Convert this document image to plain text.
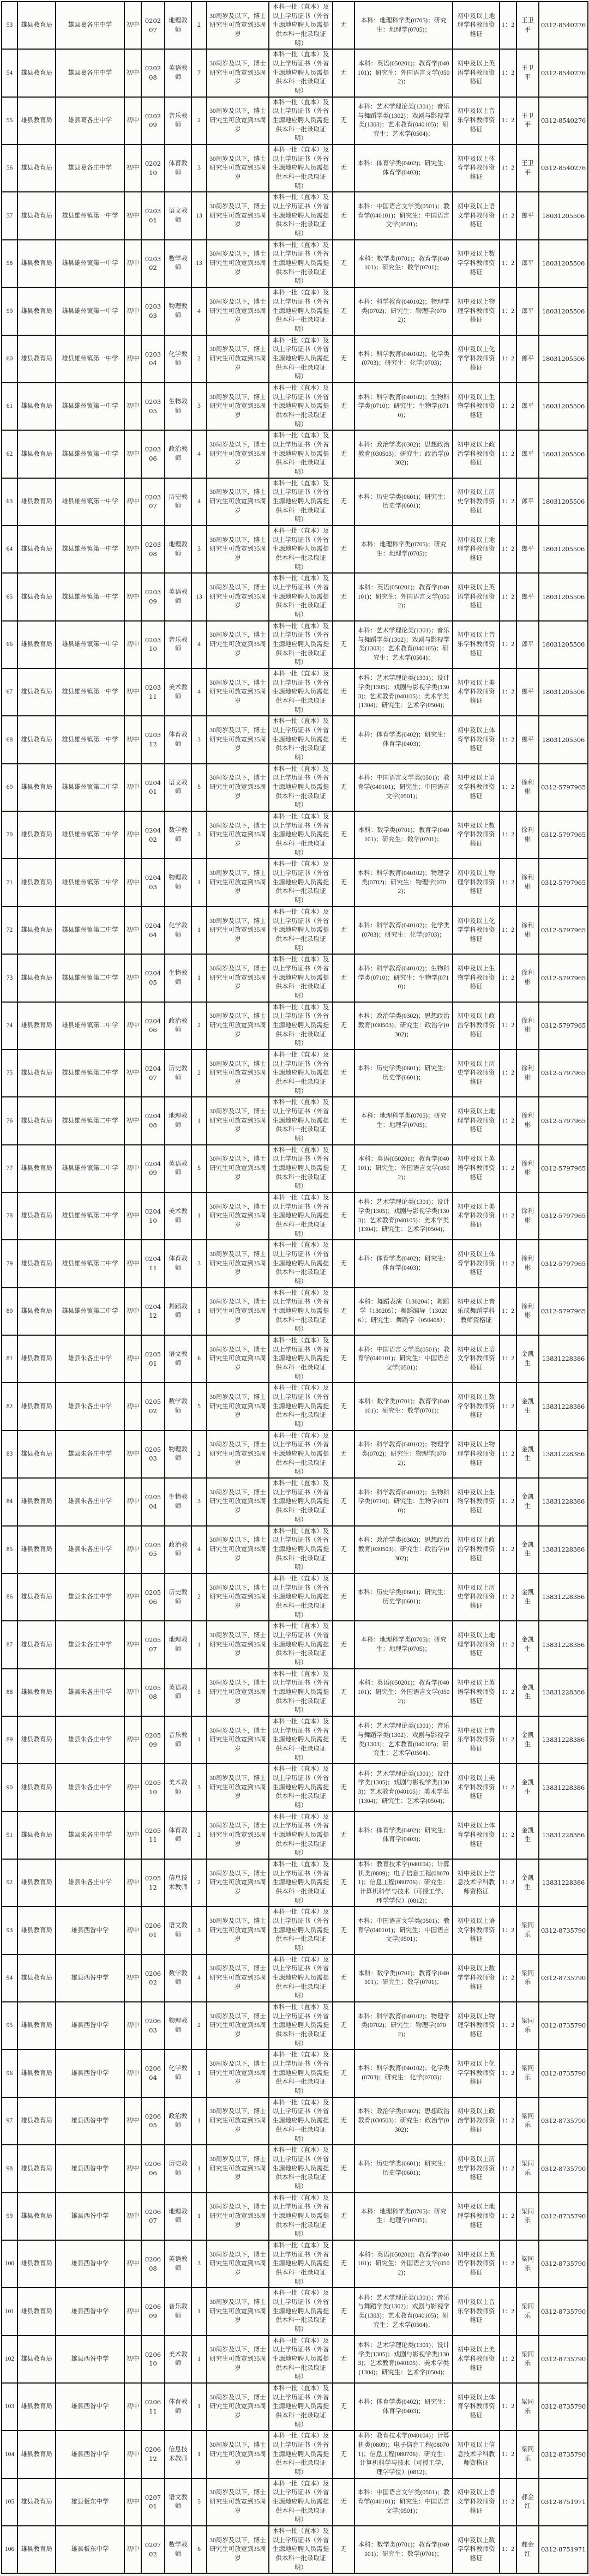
53	雄县教育局	雄县葛各庄中学	初中	020207	地理教师	2	30周岁及以下，博士研究生可放宽到35周岁	本科一批（直本）及以上学历证书（外省生源地应聘人员需提供本科一批录取证明）	无	本科：地理科学类(0705)；研究生：地理学(0705)；	初中及以上地理学科教师资格证	1：2	王卫平	0312-8540276
54	雄县教育局	雄县葛各庄中学	初中	020208	英语教师	7	30周岁及以下，博士研究生可放宽到35周岁	本科一批（直本）及以上学历证书（外省生源地应聘人员需提供本科一批录取证明）	无	本科：英语(050201)；教育学(040101)；研究生：外国语言文学(0502)；	初中及以上英语学科教师资格证	1：2	王卫平	0312-8540276
55	雄县教育局	雄县葛各庄中学	初中	020209	音乐教师	2	30周岁及以下，博士研究生可放宽到35周岁	本科一批（直本）及以上学历证书（外省生源地应聘人员需提供本科一批录取证明）	无	本科：艺术学理论类(1301)；音乐与舞蹈学类(1302)；戏剧与影视学类(1303)；艺术教育(040105)；研究生：艺术学(0504)；	初中及以上音乐学科教师资格证	1：2	王卫平	0312-8540276
56	雄县教育局	雄县葛各庄中学	初中	020210	体育教师	3	30周岁及以下，博士研究生可放宽到35周岁	本科一批（直本）及以上学历证书（外省生源地应聘人员需提供本科一批录取证明）	无	本科：体育学类(0402)；研究生：体育学(0403)；	初中及以上体育学科教师资格证	1：2	王卫平	0312-8540276
57	雄县教育局	雄县雄州镇第一中学	初中	020301	语文教师	13	30周岁及以下，博士研究生可放宽到35周岁	本科一批（直本）及以上学历证书（外省生源地应聘人员需提供本科一批录取证明）	无	本科：中国语言文学类(0501)；教育学(040101)；研究生：中国语言文学(0501)；	初中及以上语文学科教师资格证	1：2	郎平	18031205506
58	雄县教育局	雄县雄州镇第一中学	初中	020302	数学教师	13	30周岁及以下，博士研究生可放宽到35周岁	本科一批（直本）及以上学历证书（外省生源地应聘人员需提供本科一批录取证明）	无	本科：数学类(0701)；教育学(040101)；研究生：数学(0701)；	初中及以上数学学科教师资格证	1：2	郎平	18031205506
59	雄县教育局	雄县雄州镇第一中学	初中	020303	物理教师	4	30周岁及以下，博士研究生可放宽到35周岁	本科一批（直本）及以上学历证书（外省生源地应聘人员需提供本科一批录取证明）	无	本科：科学教育(040102)；物理学类(0702)；研究生：物理学(0702)；	初中及以上物理学科教师资格证	1：2	郎平	18031205506
60	雄县教育局	雄县雄州镇第一中学	初中	020304	化学教师	2	30周岁及以下，博士研究生可放宽到35周岁	本科一批（直本）及以上学历证书（外省生源地应聘人员需提供本科一批录取证明）	无	本科：科学教育(040102)；化学类(0703)；研究生：化学(0703)；	初中及以上化学学科教师资格证	1：2	郎平	18031205506
61	雄县教育局	雄县雄州镇第一中学	初中	020305	生物教师	3	30周岁及以下，博士研究生可放宽到35周岁	本科一批（直本）及以上学历证书（外省生源地应聘人员需提供本科一批录取证明）	无	本科：科学教育(040102)；生物科学类(0710)；研究生：生物学(0710)；	初中及以上生物学科教师资格证	1：2	郎平	18031205506
62	雄县教育局	雄县雄州镇第一中学	初中	020306	政治教师	4	30周岁及以下，博士研究生可放宽到35周岁	本科一批（直本）及以上学历证书（外省生源地应聘人员需提供本科一批录取证明）	无	本科：政治学类(0302)；思想政治教育(030503)；研究生：政治学(0302)；	初中及以上政治学科教师资格证	1：2	郎平	18031205506
63	雄县教育局	雄县雄州镇第一中学	初中	020307	历史教师	4	30周岁及以下，博士研究生可放宽到35周岁	本科一批（直本）及以上学历证书（外省生源地应聘人员需提供本科一批录取证明）	无	本科：历史学类(0601)；研究生：历史学(0601)；	初中及以上历史学科教师资格证	1：2	郎平	18031205506
64	雄县教育局	雄县雄州镇第一中学	初中	020308	地理教师	3	30周岁及以下，博士研究生可放宽到35周岁	本科一批（直本）及以上学历证书（外省生源地应聘人员需提供本科一批录取证明）	无	本科：地理科学类(0705)；研究生：地理学(0705)；	初中及以上地理学科教师资格证	1：2	郎平	18031205506
65	雄县教育局	雄县雄州镇第一中学	初中	020309	英语教师	13	30周岁及以下，博士研究生可放宽到35周岁	本科一批（直本）及以上学历证书（外省生源地应聘人员需提供本科一批录取证明）	无	本科：英语(050201)；教育学(040101)；研究生：外国语言文学(0502)；	初中及以上英语学科教师资格证	1：2	郎平	18031205506
66	雄县教育局	雄县雄州镇第一中学	初中	020310	音乐教师	4	30周岁及以下，博士研究生可放宽到35周岁	本科一批（直本）及以上学历证书（外省生源地应聘人员需提供本科一批录取证明）	无	本科：艺术学理论类(1301)；音乐与舞蹈学类(1302)；戏剧与影视学类(1303)；艺术教育(040105)；研究生：艺术学(0504)；	初中及以上音乐学科教师资格证	1：2	郎平	18031205506
67	雄县教育局	雄县雄州镇第一中学	初中	020311	美术教师	4	30周岁及以下，博士研究生可放宽到35周岁	本科一批（直本）及以上学历证书（外省生源地应聘人员需提供本科一批录取证明）	无	本科：艺术学理论类(1301)；设计学类(1305)；戏剧与影视学类(1303)；艺术教育(040105)；美术学类(1304)；研究生：艺术学(0504)；	初中及以上美术学科教师资格证	1：2	郎平	18031205506
68	雄县教育局	雄县雄州镇第一中学	初中	020312	体育教师	3	30周岁及以下，博士研究生可放宽到35周岁	本科一批（直本）及以上学历证书（外省生源地应聘人员需提供本科一批录取证明）	无	本科：体育学类(0402)；研究生：体育学(0403)；	初中及以上体育学科教师资格证	1：2	郎平	18031205506
69	雄县教育局	雄县雄州镇第二中学	初中	020401	语文教师	5	30周岁及以下，博士研究生可放宽到35周岁	本科一批（直本）及以上学历证书（外省生源地应聘人员需提供本科一批录取证明）	无	本科：中国语言文学类(0501)；教育学(040101)；研究生：中国语言文学(0501)；	初中及以上语文学科教师资格证	1：2	徐利彬	0312-5797965
70	雄县教育局	雄县雄州镇第二中学	初中	020402	数学教师	3	30周岁及以下，博士研究生可放宽到35周岁	本科一批（直本）及以上学历证书（外省生源地应聘人员需提供本科一批录取证明）	无	本科：数学类(0701)；教育学(040101)；研究生：数学(0701)；	初中及以上数学学科教师资格证	1：2	徐利彬	0312-5797965
71	雄县教育局	雄县雄州镇第二中学	初中	020403	物理教师	1	30周岁及以下，博士研究生可放宽到35周岁	本科一批（直本）及以上学历证书（外省生源地应聘人员需提供本科一批录取证明）	无	本科：科学教育(040102)；物理学类(0702)；研究生：物理学(0702)；	初中及以上物理学科教师资格证	1：2	徐利彬	0312-5797965
72	雄县教育局	雄县雄州镇第二中学	初中	020404	化学教师	1	30周岁及以下，博士研究生可放宽到35周岁	本科一批（直本）及以上学历证书（外省生源地应聘人员需提供本科一批录取证明）	无	本科：科学教育(040102)；化学类(0703)；研究生：化学(0703)；	初中及以上化学学科教师资格证	1：2	徐利彬	0312-5797965
73	雄县教育局	雄县雄州镇第二中学	初中	020405	生物教师	1	30周岁及以下，博士研究生可放宽到35周岁	本科一批（直本）及以上学历证书（外省生源地应聘人员需提供本科一批录取证明）	无	本科：科学教育(040102)；生物科学类(0710)；研究生：生物学(0710)；	初中及以上生物学科教师资格证	1：2	徐利彬	0312-5797965
74	雄县教育局	雄县雄州镇第二中学	初中	020406	政治教师	2	30周岁及以下，博士研究生可放宽到35周岁	本科一批（直本）及以上学历证书（外省生源地应聘人员需提供本科一批录取证明）	无	本科：政治学类(0302)；思想政治教育(030503)；研究生：政治学(0302)；	初中及以上政治学科教师资格证	1：2	徐利彬	0312-5797965
75	雄县教育局	雄县雄州镇第二中学	初中	020407	历史教师	2	30周岁及以下，博士研究生可放宽到35周岁	本科一批（直本）及以上学历证书（外省生源地应聘人员需提供本科一批录取证明）	无	本科：历史学类(0601)；研究生：历史学(0601)；	初中及以上历史学科教师资格证	1：2	徐利彬	0312-5797965
76	雄县教育局	雄县雄州镇第二中学	初中	020408	地理教师	1	30周岁及以下，博士研究生可放宽到35周岁	本科一批（直本）及以上学历证书（外省生源地应聘人员需提供本科一批录取证明）	无	本科：地理科学类(0705)；研究生：地理学(0705)；	初中及以上地理学科教师资格证	1：2	徐利彬	0312-5797965
77	雄县教育局	雄县雄州镇第二中学	初中	020409	英语教师	5	30周岁及以下，博士研究生可放宽到35周岁	本科一批（直本）及以上学历证书（外省生源地应聘人员需提供本科一批录取证明）	无	本科：英语(050201)；教育学(040101)；研究生：外国语言文学(0502)；	初中及以上英语学科教师资格证	1：2	徐利彬	0312-5797965
78	雄县教育局	雄县雄州镇第二中学	初中	020410	美术教师	1	30周岁及以下，博士研究生可放宽到35周岁	本科一批（直本）及以上学历证书（外省生源地应聘人员需提供本科一批录取证明）	无	本科：艺术学理论类(1301)；设计学类(1305)；戏剧与影视学类(1303)；艺术教育(040105)；美术学类(1304)；研究生：艺术学(0504)；	初中及以上美术学科教师资格证	1：2	徐利彬	0312-5797965
79	雄县教育局	雄县雄州镇第二中学	初中	020411	体育教师	3	30周岁及以下，博士研究生可放宽到35周岁	本科一批（直本）及以上学历证书（外省生源地应聘人员需提供本科一批录取证明）	无	本科：体育学类(0402)；研究生：体育学(0403)；	初中及以上体育学科教师资格证	1：2	徐利彬	0312-5797965
80	雄县教育局	雄县雄州镇第二中学	初中	020412	舞蹈教师	1	30周岁及以下，博士研究生可放宽到35周岁	本科一批（直本）及以上学历证书（外省生源地应聘人员需提供本科一批录取证明）	无	本科：舞蹈表演（130204）；舞蹈学（130205）；舞蹈编导（130206）；研究生：舞蹈学（050408）；	初中及以上音乐或舞蹈学科教师资格证	1：2	徐利彬	0312-5797965
81	雄县教育局	雄县朱各庄中学	初中	020501	语文教师	6	30周岁及以下，博士研究生可放宽到35周岁	本科一批（直本）及以上学历证书（外省生源地应聘人员需提供本科一批录取证明）	无	本科：中国语言文学类(0501)；教育学(040101)；研究生：中国语言文学(0501)；	初中及以上语文学科教师资格证	1：2	金凯生	13831228386
82	雄县教育局	雄县朱各庄中学	初中	020502	数学教师	5	30周岁及以下，博士研究生可放宽到35周岁	本科一批（直本）及以上学历证书（外省生源地应聘人员需提供本科一批录取证明）	无	本科：数学类(0701)；教育学(040101)；研究生：数学(0701)；	初中及以上数学学科教师资格证	1：2	金凯生	13831228386
83	雄县教育局	雄县朱各庄中学	初中	020503	物理教师	2	30周岁及以下，博士研究生可放宽到35周岁	本科一批（直本）及以上学历证书（外省生源地应聘人员需提供本科一批录取证明）	无	本科：科学教育(040102)；物理学类(0702)；研究生：物理学(0702)；	初中及以上物理学科教师资格证	1：2	金凯生	13831228386
84	雄县教育局	雄县朱各庄中学	初中	020504	生物教师	3	30周岁及以下，博士研究生可放宽到35周岁	本科一批（直本）及以上学历证书（外省生源地应聘人员需提供本科一批录取证明）	无	本科：科学教育(040102)；生物科学类(0710)；研究生：生物学(0710)；	初中及以上生物学科教师资格证	1：2	金凯生	13831228386
85	雄县教育局	雄县朱各庄中学	初中	020505	政治教师	4	30周岁及以下，博士研究生可放宽到35周岁	本科一批（直本）及以上学历证书（外省生源地应聘人员需提供本科一批录取证明）	无	本科：政治学类(0302)；思想政治教育(030503)；研究生：政治学(0302)；	初中及以上政治学科教师资格证	1：2	金凯生	13831228386
86	雄县教育局	雄县朱各庄中学	初中	020506	历史教师	2	30周岁及以下，博士研究生可放宽到35周岁	本科一批（直本）及以上学历证书（外省生源地应聘人员需提供本科一批录取证明）	无	本科：历史学类(0601)；研究生：历史学(0601)；	初中及以上历史学科教师资格证	1：2	金凯生	13831228386
87	雄县教育局	雄县朱各庄中学	初中	020507	地理教师	1	30周岁及以下，博士研究生可放宽到35周岁	本科一批（直本）及以上学历证书（外省生源地应聘人员需提供本科一批录取证明）	无	本科：地理科学类(0705)；研究生：地理学(0705)；	初中及以上地理学科教师资格证	1：2	金凯生	13831228386
88	雄县教育局	雄县朱各庄中学	初中	020508	英语教师	5	30周岁及以下，博士研究生可放宽到35周岁	本科一批（直本）及以上学历证书（外省生源地应聘人员需提供本科一批录取证明）	无	本科：英语(050201)；教育学(040101)；研究生：外国语言文学(0502)；	初中及以上英语学科教师资格证	1：2	金凯生	13831228386
89	雄县教育局	雄县朱各庄中学	初中	020509	音乐教师	1	30周岁及以下，博士研究生可放宽到35周岁	本科一批（直本）及以上学历证书（外省生源地应聘人员需提供本科一批录取证明）	无	本科：艺术学理论类(1301)；音乐与舞蹈学类(1302)；戏剧与影视学类(1303)；艺术教育(040105)；研究生：艺术学(0504)；	初中及以上音乐学科教师资格证	1：2	金凯生	13831228386
90	雄县教育局	雄县朱各庄中学	初中	020510	美术教师	3	30周岁及以下，博士研究生可放宽到35周岁	本科一批（直本）及以上学历证书（外省生源地应聘人员需提供本科一批录取证明）	无	本科：艺术学理论类(1301)；设计学类(1305)；戏剧与影视学类(1303)；艺术教育(040105)；美术学类(1304)；研究生：艺术学(0504)；	初中及以上美术学科教师资格证	1：2	金凯生	13831228386
91	雄县教育局	雄县朱各庄中学	初中	020511	体育教师	2	30周岁及以下，博士研究生可放宽到35周岁	本科一批（直本）及以上学历证书（外省生源地应聘人员需提供本科一批录取证明）	无	本科：体育学类(0402)；研究生：体育学(0403)；	初中及以上体育学科教师资格证	1：2	金凯生	13831228386
92	雄县教育局	雄县朱各庄中学	初中	020512	信息技术教师	2	30周岁及以下，博士研究生可放宽到35周岁	本科一批（直本）及以上学历证书（外省生源地应聘人员需提供本科一批录取证明）	无	本科：教育技术学(040104)；计算机类(0809)；电子信息工程(080701)；信息工程(080706)；研究生：计算机科学与技术（可授工学、理学学位）(0812)；	初中及以上信息技术学科教师资格证	1：2	金凯生	13831228386
93	雄县教育局	雄县西昝中学	初中	020601	语文教师	3	30周岁及以下，博士研究生可放宽到35周岁	本科一批（直本）及以上学历证书（外省生源地应聘人员需提供本科一批录取证明）	无	本科：中国语言文学类(0501)；教育学(040101)；研究生：中国语言文学(0501)；	初中及以上语文学科教师资格证	1：2	梁同乐	0312-8735790
94	雄县教育局	雄县西昝中学	初中	020602	数学教师	4	30周岁及以下，博士研究生可放宽到35周岁	本科一批（直本）及以上学历证书（外省生源地应聘人员需提供本科一批录取证明）	无	本科：数学类(0701)；教育学(040101)；研究生：数学(0701)；	初中及以上数学学科教师资格证	1：2	梁同乐	0312-8735790
95	雄县教育局	雄县西昝中学	初中	020603	物理教师	2	30周岁及以下，博士研究生可放宽到35周岁	本科一批（直本）及以上学历证书（外省生源地应聘人员需提供本科一批录取证明）	无	本科：科学教育(040102)；物理学类(0702)；研究生：物理学(0702)；	初中及以上物理学科教师资格证	1：2	梁同乐	0312-8735790
96	雄县教育局	雄县西昝中学	初中	020604	化学教师	1	30周岁及以下，博士研究生可放宽到35周岁	本科一批（直本）及以上学历证书（外省生源地应聘人员需提供本科一批录取证明）	无	本科：科学教育(040102)；化学类(0703)；研究生：化学(0703)；	初中及以上化学学科教师资格证	1：2	梁同乐	0312-8735790
97	雄县教育局	雄县西昝中学	初中	020605	政治教师	1	30周岁及以下，博士研究生可放宽到35周岁	本科一批（直本）及以上学历证书（外省生源地应聘人员需提供本科一批录取证明）	无	本科：政治学类(0302)；思想政治教育(030503)；研究生：政治学(0302)；	初中及以上政治学科教师资格证	1：2	梁同乐	0312-8735790
98	雄县教育局	雄县西昝中学	初中	020606	历史教师	1	30周岁及以下，博士研究生可放宽到35周岁	本科一批（直本）及以上学历证书（外省生源地应聘人员需提供本科一批录取证明）	无	本科：历史学类(0601)；研究生：历史学(0601)；	初中及以上历史学科教师资格证	1：2	梁同乐	0312-8735790
99	雄县教育局	雄县西昝中学	初中	020607	地理教师	1	30周岁及以下，博士研究生可放宽到35周岁	本科一批（直本）及以上学历证书（外省生源地应聘人员需提供本科一批录取证明）	无	本科：地理科学类(0705)；研究生：地理学(0705)；	初中及以上地理学科教师资格证	1：2	梁同乐	0312-8735790
100	雄县教育局	雄县西昝中学	初中	020608	英语教师	3	30周岁及以下，博士研究生可放宽到35周岁	本科一批（直本）及以上学历证书（外省生源地应聘人员需提供本科一批录取证明）	无	本科：英语(050201)；教育学(040101)；研究生：外国语言文学(0502)；	初中及以上英语学科教师资格证	1：2	梁同乐	0312-8735790
101	雄县教育局	雄县西昝中学	初中	020609	音乐教师	1	30周岁及以下，博士研究生可放宽到35周岁	本科一批（直本）及以上学历证书（外省生源地应聘人员需提供本科一批录取证明）	无	本科：艺术学理论类(1301)；音乐与舞蹈学类(1302)；戏剧与影视学类(1303)；艺术教育(040105)；研究生：艺术学(0504)；	初中及以上音乐学科教师资格证	1：2	梁同乐	0312-8735790
102	雄县教育局	雄县西昝中学	初中	020610	美术教师	1	30周岁及以下，博士研究生可放宽到35周岁	本科一批（直本）及以上学历证书（外省生源地应聘人员需提供本科一批录取证明）	无	本科：艺术学理论类(1301)；设计学类(1305)；戏剧与影视学类(1303)；艺术教育(040105)；美术学类(1304)；研究生：艺术学(0504)；	初中及以上美术学科教师资格证	1：2	梁同乐	0312-8735790
103	雄县教育局	雄县西昝中学	初中	020611	体育教师	1	30周岁及以下，博士研究生可放宽到35周岁	本科一批（直本）及以上学历证书（外省生源地应聘人员需提供本科一批录取证明）	无	本科：体育学类(0402)；研究生：体育学(0403)；	初中及以上体育学科教师资格证	1：2	梁同乐	0312-8735790
104	雄县教育局	雄县西昝中学	初中	020612	信息技术教师	1	30周岁及以下，博士研究生可放宽到35周岁	本科一批（直本）及以上学历证书（外省生源地应聘人员需提供本科一批录取证明）	无	本科：教育技术学(040104)；计算机类(0809)；电子信息工程(080701)；信息工程(080706)；研究生：计算机科学与技术（可授工学、理学学位）(0812)；	初中及以上信息技术学科教师资格证	1：2	梁同乐	0312-8735790
105	雄县教育局	雄县板东中学	初中	020701	语文教师	5	30周岁及以下，博士研究生可放宽到35周岁	本科一批（直本）及以上学历证书（外省生源地应聘人员需提供本科一批录取证明）	无	本科：中国语言文学类(0501)；教育学(040101)；研究生：中国语言文学(0501)；	初中及以上语文学科教师资格证	1：2	郝金红	0312-8751971
106	雄县教育局	雄县板东中学	初中	020702	数学教师	6	30周岁及以下，博士研究生可放宽到35周岁	本科一批（直本）及以上学历证书（外省生源地应聘人员需提供本科一批录取证明）	无	本科：数学类(0701)；教育学(040101)；研究生：数学(0701)；	初中及以上数学学科教师资格证	1：2	郝金红	0312-8751971
